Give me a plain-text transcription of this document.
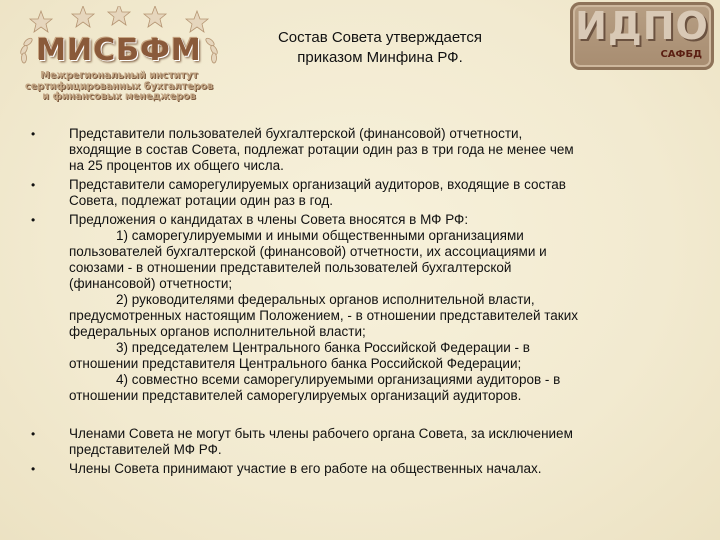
МИСБФМ
Межрегиональный институт
сертифицированных бухгалтеров
и финансовых менеджеров
Состав Совета утверждается
приказом Минфина РФ.
ИДПО
САФБД
•	Представители пользователей бухгалтерской (финансовой) отчетности,
входящие в состав Совета, подлежат ротации один раз в три года не менее чем
на 25 процентов их общего числа.
•	Представители саморегулируемых организаций аудиторов, входящие в состав
Совета, подлежат ротации один раз в год.
•	Предложения о кандидатах в члены Совета вносятся в МФ РФ:
1) саморегулируемыми и иными общественными организациями
пользователей бухгалтерской (финансовой) отчетности, их ассоциациями и
союзами - в отношении представителей пользователей бухгалтерской
(финансовой) отчетности;
2) руководителями федеральных органов исполнительной власти,
предусмотренных настоящим Положением, - в отношении представителей таких
федеральных органов исполнительной власти;
3) председателем Центрального банка Российской Федерации - в
отношении представителя Центрального банка Российской Федерации;
4) совместно всеми саморегулируемыми организациями аудиторов - в
отношении представителей саморегулируемых организаций аудиторов.
•	Членами Совета не могут быть члены рабочего органа Совета, за исключением
представителей МФ РФ.
•	Члены Совета принимают участие в его работе на общественных началах.
